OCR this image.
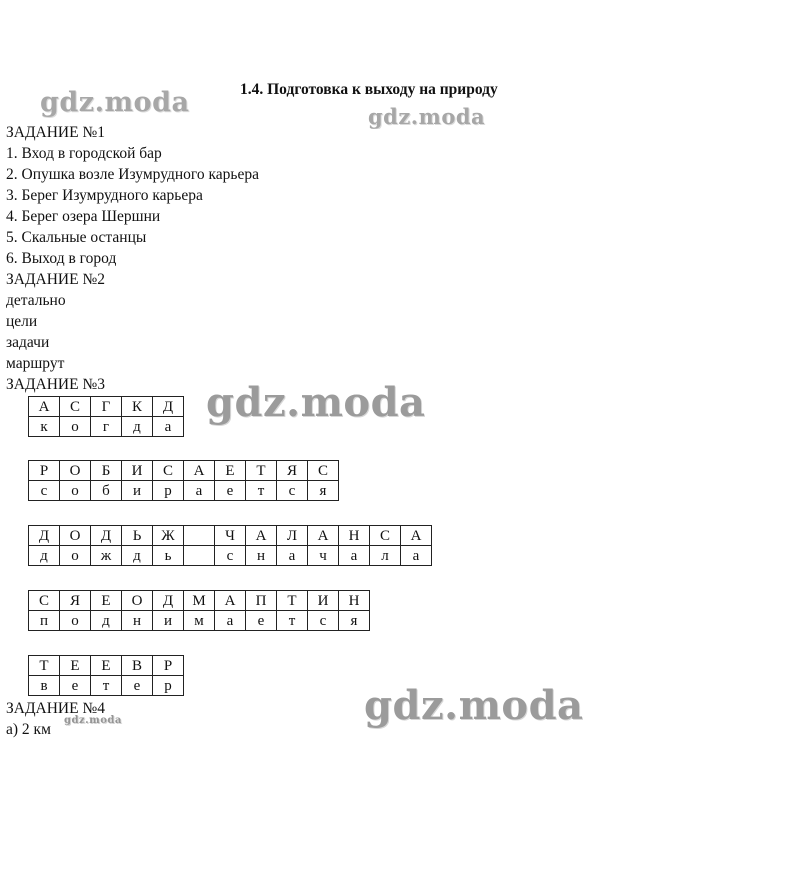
1.4. Подготовка к выходу на природу
ЗАДАНИЕ №1
1. Вход в городской бар
2. Опушка возле Изумрудного карьера
3. Берег Изумрудного карьера
4. Берег озера Шершни
5. Скальные останцы
6. Выход в город
ЗАДАНИЕ №2
детально
цели
задачи
маршрут
ЗАДАНИЕ №3
А	С	Г	К	Д
к	о	г	д	а
Р	О	Б	И	С	А	Е	Т	Я	С
с	о	б	и	р	а	е	т	с	я
Д	О	Д	Ь	Ж		Ч	А	Л	А	Н	С	А
д	о	ж	д	ь		с	н	а	ч	а	л	а
С	Я	Е	О	Д	М	А	П	Т	И	Н
п	о	д	н	и	м	а	е	т	с	я
Т	Е	Е	В	Р
в	е	т	е	р
ЗАДАНИЕ №4
а) 2 км
gdz.moda	gdz.moda
gdz.moda
gdz.moda
gdz.moda
